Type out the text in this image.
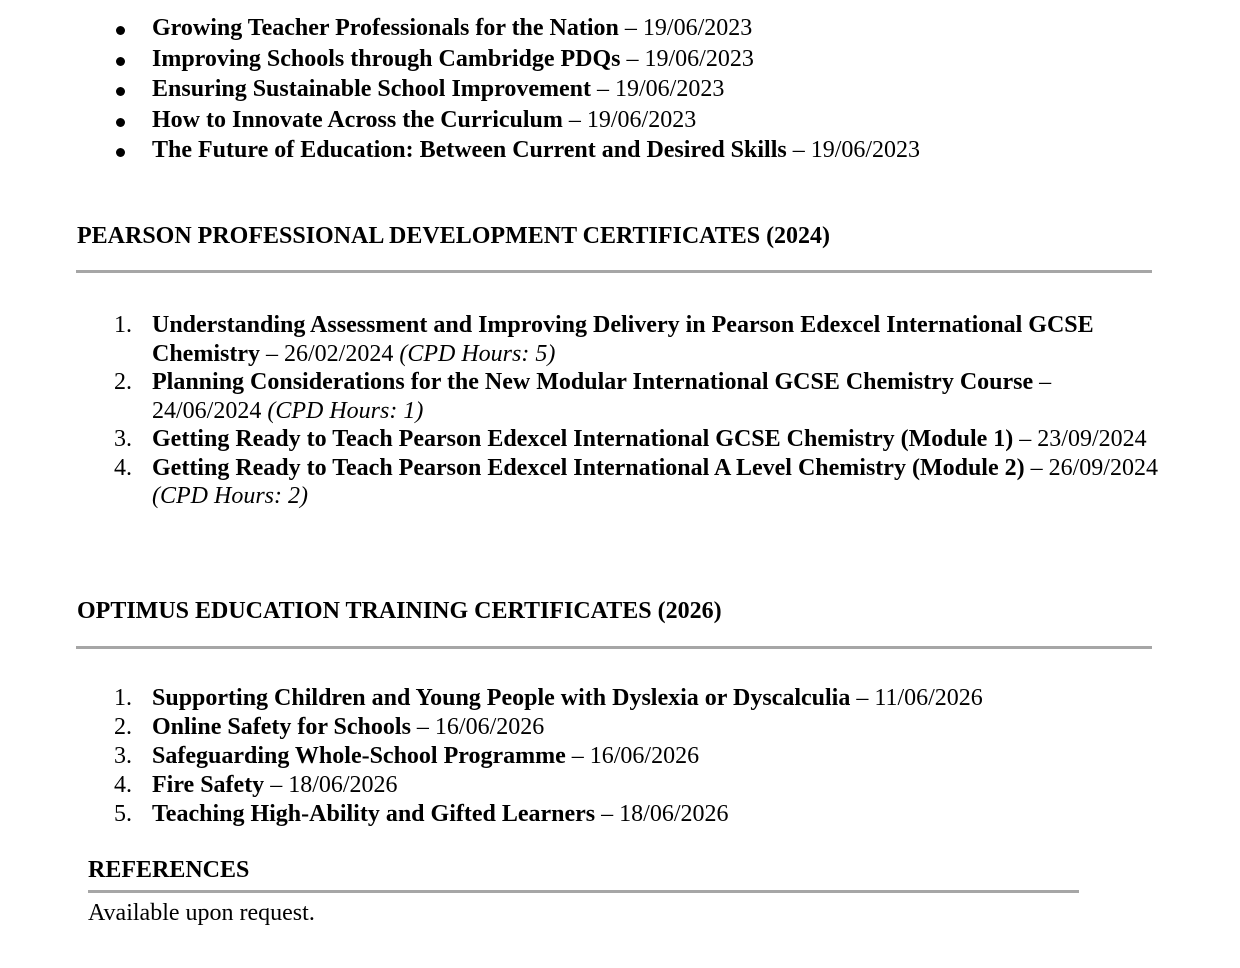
Growing Teacher Professionals for the Nation – 19/06/2023
Improving Schools through Cambridge PDQs – 19/06/2023
Ensuring Sustainable School Improvement – 19/06/2023
How to Innovate Across the Curriculum – 19/06/2023
The Future of Education: Between Current and Desired Skills – 19/06/2023
PEARSON PROFESSIONAL DEVELOPMENT CERTIFICATES (2024)
1. Understanding Assessment and Improving Delivery in Pearson Edexcel International GCSE Chemistry – 26/02/2024 (CPD Hours: 5)
2. Planning Considerations for the New Modular International GCSE Chemistry Course – 24/06/2024 (CPD Hours: 1)
3. Getting Ready to Teach Pearson Edexcel International GCSE Chemistry (Module 1) – 23/09/2024
4. Getting Ready to Teach Pearson Edexcel International A Level Chemistry (Module 2) – 26/09/2024 (CPD Hours: 2)
OPTIMUS EDUCATION TRAINING CERTIFICATES (2026)
1. Supporting Children and Young People with Dyslexia or Dyscalculia – 11/06/2026
2. Online Safety for Schools – 16/06/2026
3. Safeguarding Whole-School Programme – 16/06/2026
4. Fire Safety – 18/06/2026
5. Teaching High-Ability and Gifted Learners – 18/06/2026
REFERENCES
Available upon request.
